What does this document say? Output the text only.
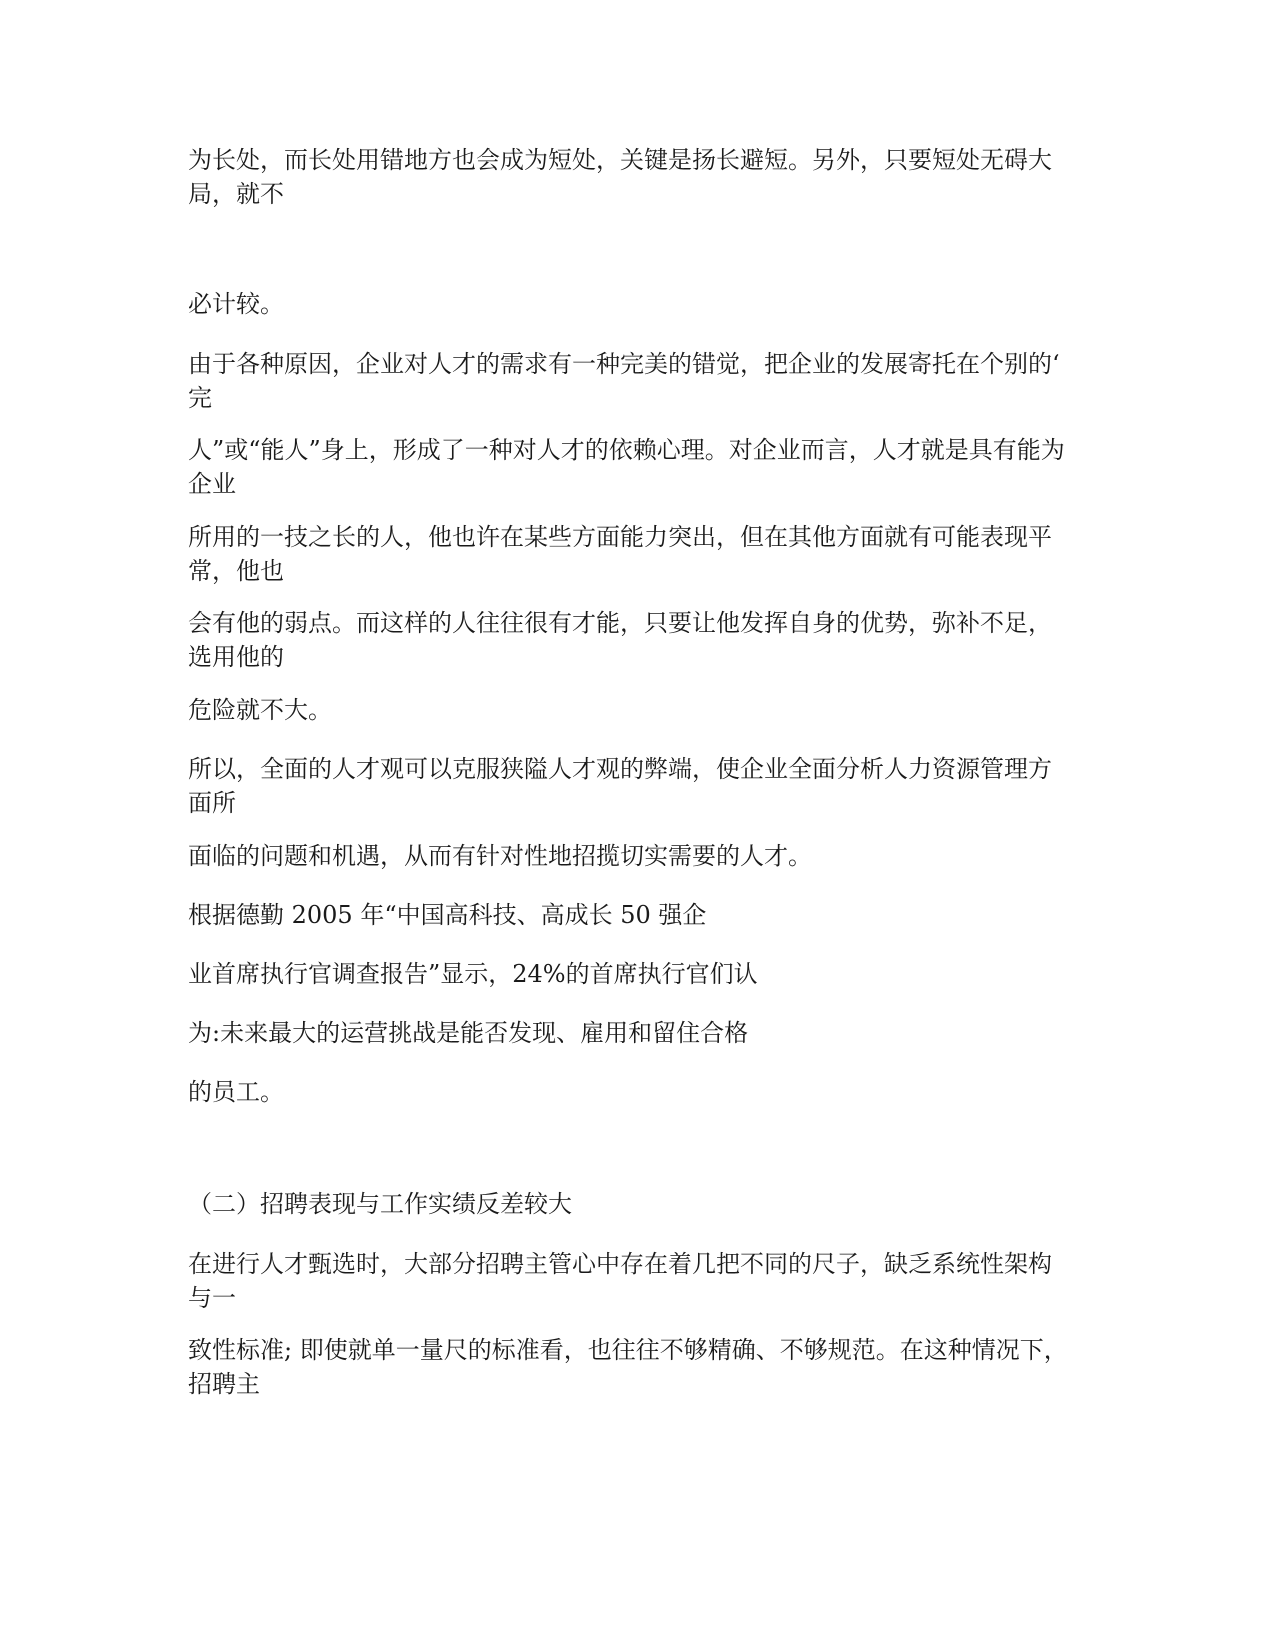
为长处，而长处用错地方也会成为短处，关键是扬长避短。另外，只要短处无碍大
局，就不

必计较。

由于各种原因，企业对人才的需求有一种完美的错觉，把企业的发展寄托在个别的‘
完

人”或“能人”身上，形成了一种对人才的依赖心理。对企业而言，人才就是具有能为
企业

所用的一技之长的人，他也许在某些方面能力突出，但在其他方面就有可能表现平
常，他也

会有他的弱点。而这样的人往往很有才能，只要让他发挥自身的优势，弥补不足，
选用他的

危险就不大。

所以，全面的人才观可以克服狭隘人才观的弊端，使企业全面分析人力资源管理方
面所

面临的问题和机遇，从而有针对性地招揽切实需要的人才。

根据德勤 2005 年“中国高科技、高成长 50 强企

业首席执行官调查报告”显示，24%的首席执行官们认

为:未来最大的运营挑战是能否发现、雇用和留住合格

的员工。

（二）招聘表现与工作实绩反差较大

在进行人才甄选时，大部分招聘主管心中存在着几把不同的尺子，缺乏系统性架构
与一

致性标准; 即使就单一量尺的标准看，也往往不够精确、不够规范。在这种情况下，
招聘主
